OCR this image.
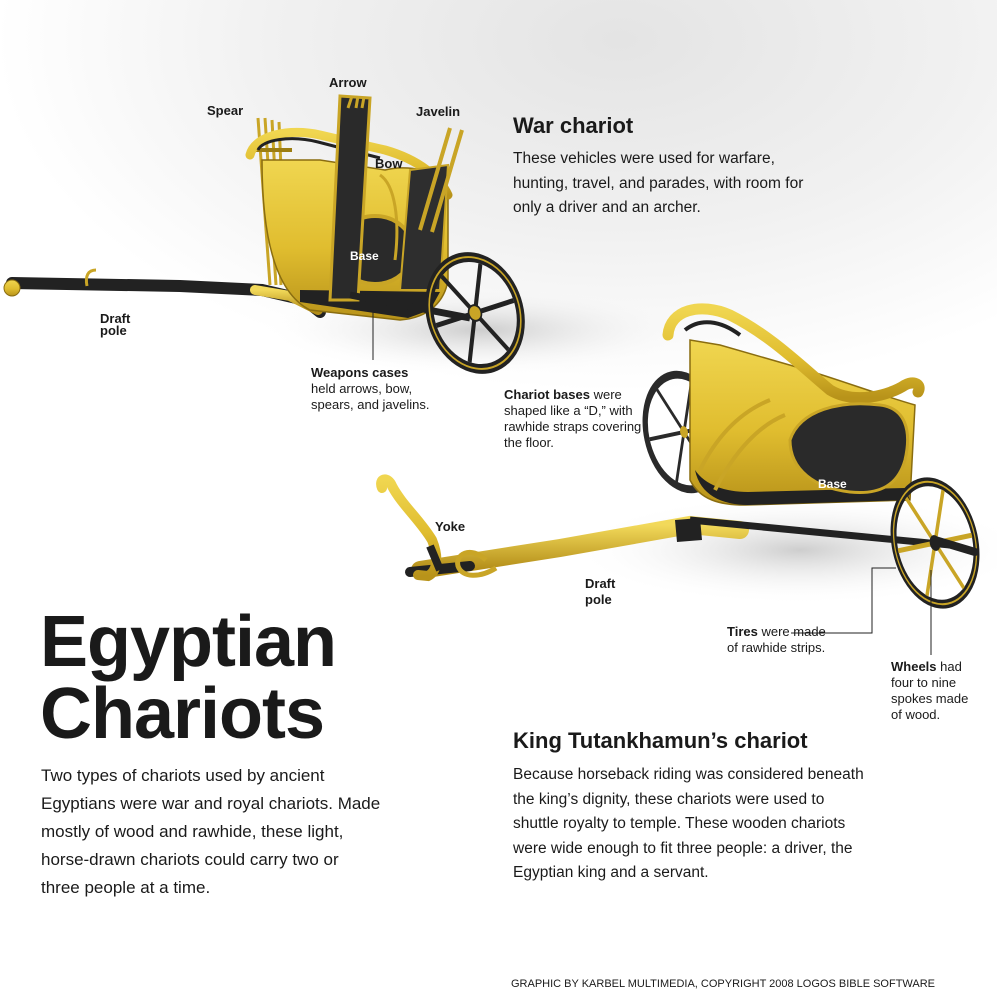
Spear
Arrow
Javelin
Bow
Base
Draft
pole
Weapons cases
held arrows, bow, spears, and javelins.
Chariot bases were shaped like a “D,” with rawhide straps covering the floor.
War chariot
These vehicles were used for warfare, hunting, travel, and parades, with room for only a driver and an archer.
Base
Yoke
Draft
pole
Tires were made of rawhide strips.
Wheels had four to nine spokes made of wood.
King Tutankhamun’s chariot
Because horseback riding was considered beneath the king’s dignity, these chariots were used to shuttle royalty to temple. These wooden chariots were wide enough to fit three people: a driver, the Egyptian king and a servant.
Egyptian
Chariots
Two types of chariots used by ancient Egyptians were war and royal chariots. Made mostly of wood and rawhide, these light, horse-drawn chariots could carry two or three people at a time.
GRAPHIC BY KARBEL MULTIMEDIA, COPYRIGHT 2008 LOGOS BIBLE SOFTWARE
